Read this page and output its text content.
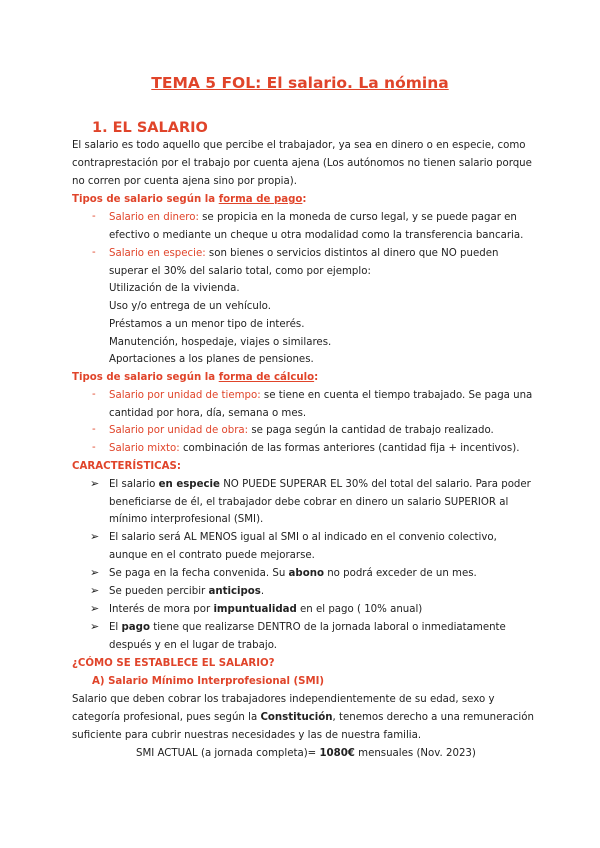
TEMA 5 FOL: El salario. La nómina
1. EL SALARIO
El salario es todo aquello que percibe el trabajador, ya sea en dinero o en especie, como
contraprestación por el trabajo por cuenta ajena (Los autónomos no tienen salario porque
no corren por cuenta ajena sino por propia).
Tipos de salario según la forma de pago:
- Salario en dinero: se propicia en la moneda de curso legal, y se puede pagar en
efectivo o mediante un cheque u otra modalidad como la transferencia bancaria.
- Salario en especie: son bienes o servicios distintos al dinero que NO pueden
superar el 30% del salario total, como por ejemplo:
Utilización de la vivienda.
Uso y/o entrega de un vehículo.
Préstamos a un menor tipo de interés.
Manutención, hospedaje, viajes o similares.
Aportaciones a los planes de pensiones.
Tipos de salario según la forma de cálculo:
- Salario por unidad de tiempo: se tiene en cuenta el tiempo trabajado. Se paga una
cantidad por hora, día, semana o mes.
- Salario por unidad de obra: se paga según la cantidad de trabajo realizado.
- Salario mixto: combinación de las formas anteriores (cantidad fija + incentivos).
CARACTERÍSTICAS:
➢ El salario en especie NO PUEDE SUPERAR EL 30% del total del salario. Para poder
beneficiarse de él, el trabajador debe cobrar en dinero un salario SUPERIOR al
mínimo interprofesional (SMI).
➢ El salario será AL MENOS igual al SMI o al indicado en el convenio colectivo,
aunque en el contrato puede mejorarse.
➢ Se paga en la fecha convenida. Su abono no podrá exceder de un mes.
➢ Se pueden percibir anticipos.
➢ Interés de mora por impuntualidad en el pago ( 10% anual)
➢ El pago tiene que realizarse DENTRO de la jornada laboral o inmediatamente
después y en el lugar de trabajo.
¿CÓMO SE ESTABLECE EL SALARIO?
A) Salario Mínimo Interprofesional (SMI)
Salario que deben cobrar los trabajadores independientemente de su edad, sexo y
categoría profesional, pues según la Constitución, tenemos derecho a una remuneración
suficiente para cubrir nuestras necesidades y las de nuestra familia.
SMI ACTUAL (a jornada completa)= 1080€ mensuales (Nov. 2023)
